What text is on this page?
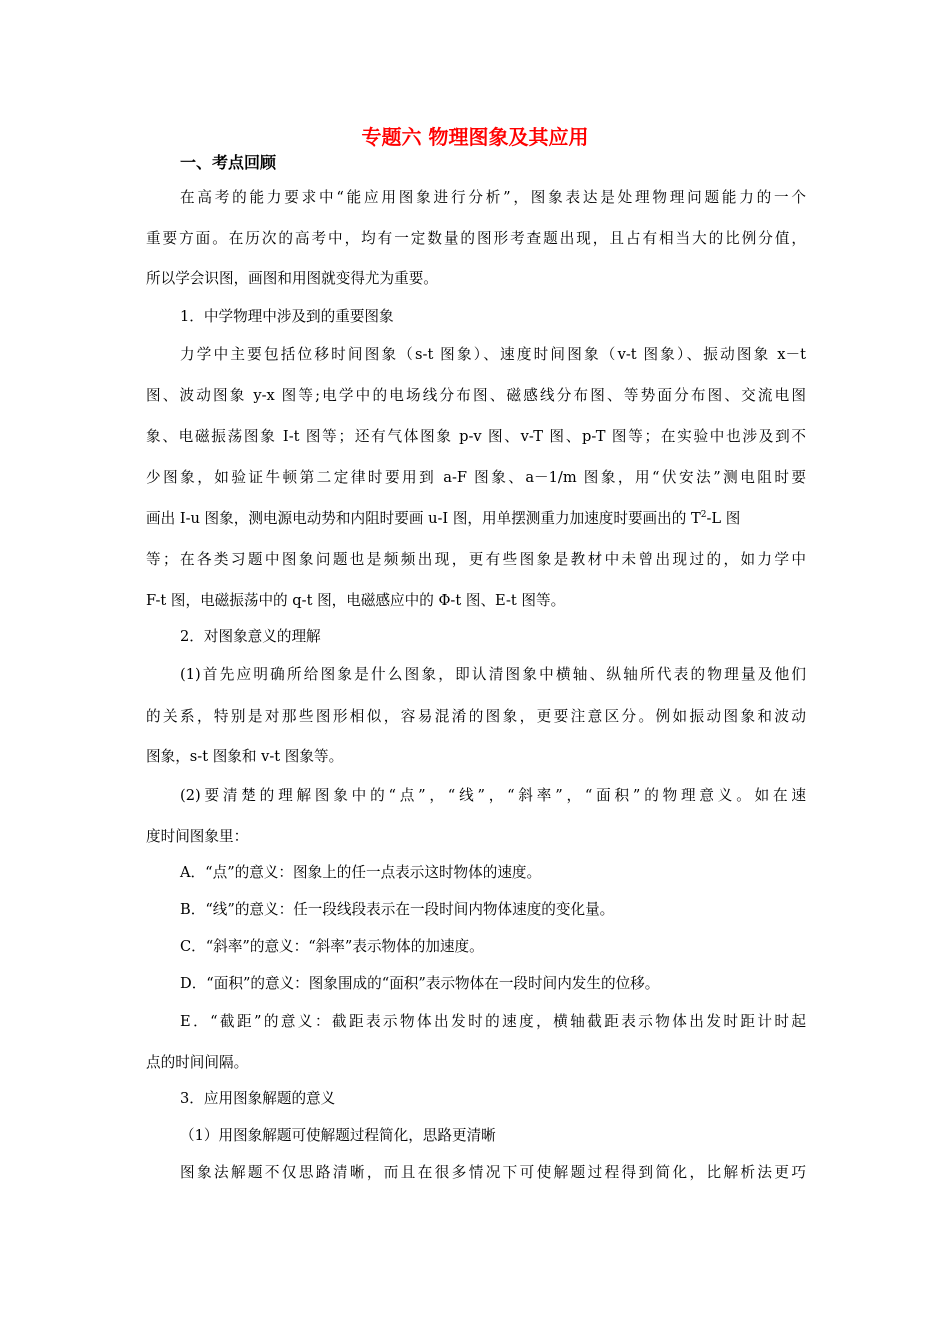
专题六 物理图象及其应用
一、考点回顾
在高考的能力要求中“能应用图象进行分析”，图象表达是处理物理问题能力的一个
重要方面。在历次的高考中，均有一定数量的图形考查题出现，且占有相当大的比例分值，
所以学会识图，画图和用图就变得尤为重要。
1．中学物理中涉及到的重要图象
力学中主要包括位移时间图象（s-t 图象）、速度时间图象（v-t 图象）、振动图象 x－t
图、波动图象 y-x 图等;电学中的电场线分布图、磁感线分布图、等势面分布图、交流电图
象、电磁振荡图象 I-t 图等；还有气体图象 p-v 图、v-T 图、p-T 图等；在实验中也涉及到不
少图象，如验证牛顿第二定律时要用到 a-F 图象、a－1/m 图象，用“伏安法”测电阻时要
画出 I-u 图象，测电源电动势和内阻时要画 u-I 图，用单摆测重力加速度时要画出的 $T^2-L$ 图
等；在各类习题中图象问题也是频频出现，更有些图象是教材中未曾出现过的，如力学中
F-t 图，电磁振荡中的 q-t 图，电磁感应中的 Φ-t 图、E-t 图等。
2．对图象意义的理解
(1)首先应明确所给图象是什么图象，即认清图象中横轴、纵轴所代表的物理量及他们
的关系，特别是对那些图形相似，容易混淆的图象，更要注意区分。例如振动图象和波动
图象，s-t 图象和 v-t 图象等。
(2)要清楚的理解图象中的“点”，“线”，“斜率”，“面积”的物理意义。如在速
度时间图象里：
A．“点”的意义：图象上的任一点表示这时物体的速度。
B．“线”的意义：任一段线段表示在一段时间内物体速度的变化量。
C．“斜率”的意义：“斜率”表示物体的加速度。
D．“面积”的意义：图象围成的“面积”表示物体在一段时间内发生的位移。
E．“截距”的意义：截距表示物体出发时的速度，横轴截距表示物体出发时距计时起
点的时间间隔。
3．应用图象解题的意义
（1）用图象解题可使解题过程简化，思路更清晰
图象法解题不仅思路清晰，而且在很多情况下可使解题过程得到简化，比解析法更巧
